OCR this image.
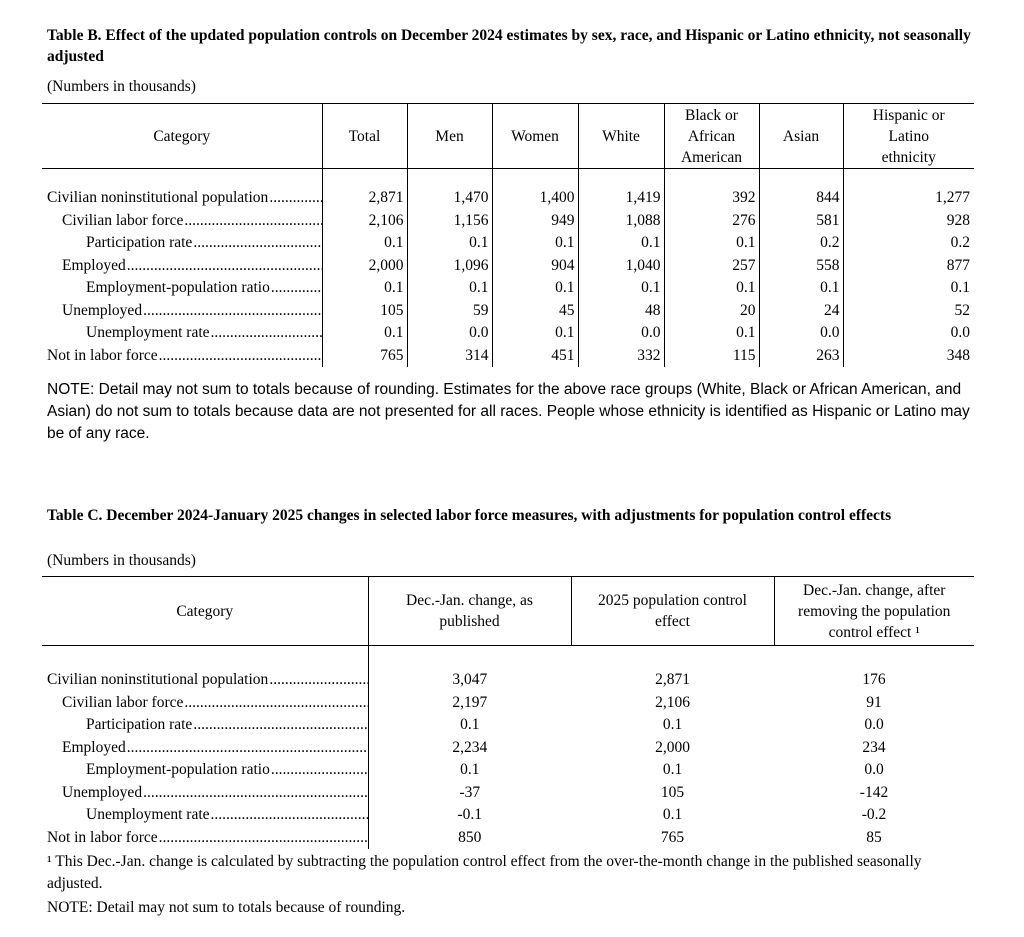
Table B. Effect of the updated population controls on December 2024 estimates by sex, race, and Hispanic or Latino ethnicity, not seasonally adjusted
(Numbers in thousands)
Category	Total	Men	Women	White	Black or African American	Asian	Hispanic or Latino ethnicity

Civilian noninstitutional population .....	2,871	1,470	1,400	1,419	392	844	1,277
Civilian labor force .....	2,106	1,156	949	1,088	276	581	928
Participation rate .....	0.1	0.1	0.1	0.1	0.1	0.2	0.2
Employed .....	2,000	1,096	904	1,040	257	558	877
Employment-population ratio .....	0.1	0.1	0.1	0.1	0.1	0.1	0.1
Unemployed .....	105	59	45	48	20	24	52
Unemployment rate .....	0.1	0.0	0.1	0.0	0.1	0.0	0.0
Not in labor force .....	765	314	451	332	115	263	348
NOTE: Detail may not sum to totals because of rounding. Estimates for the above race groups (White, Black or African American, and Asian) do not sum to totals because data are not presented for all races. People whose ethnicity is identified as Hispanic or Latino may be of any race.
Table C. December 2024-January 2025 changes in selected labor force measures, with adjustments for population control effects
(Numbers in thousands)
Category	Dec.-Jan. change, as published	2025 population control effect	Dec.-Jan. change, after removing the population control effect ¹

Civilian noninstitutional population .....	3,047	2,871	176
Civilian labor force .....	2,197	2,106	91
Participation rate .....	0.1	0.1	0.0
Employed .....	2,234	2,000	234
Employment-population ratio .....	0.1	0.1	0.0
Unemployed .....	-37	105	-142
Unemployment rate .....	-0.1	0.1	-0.2
Not in labor force .....	850	765	85
¹ This Dec.-Jan. change is calculated by subtracting the population control effect from the over-the-month change in the published seasonally adjusted.
NOTE: Detail may not sum to totals because of rounding.
